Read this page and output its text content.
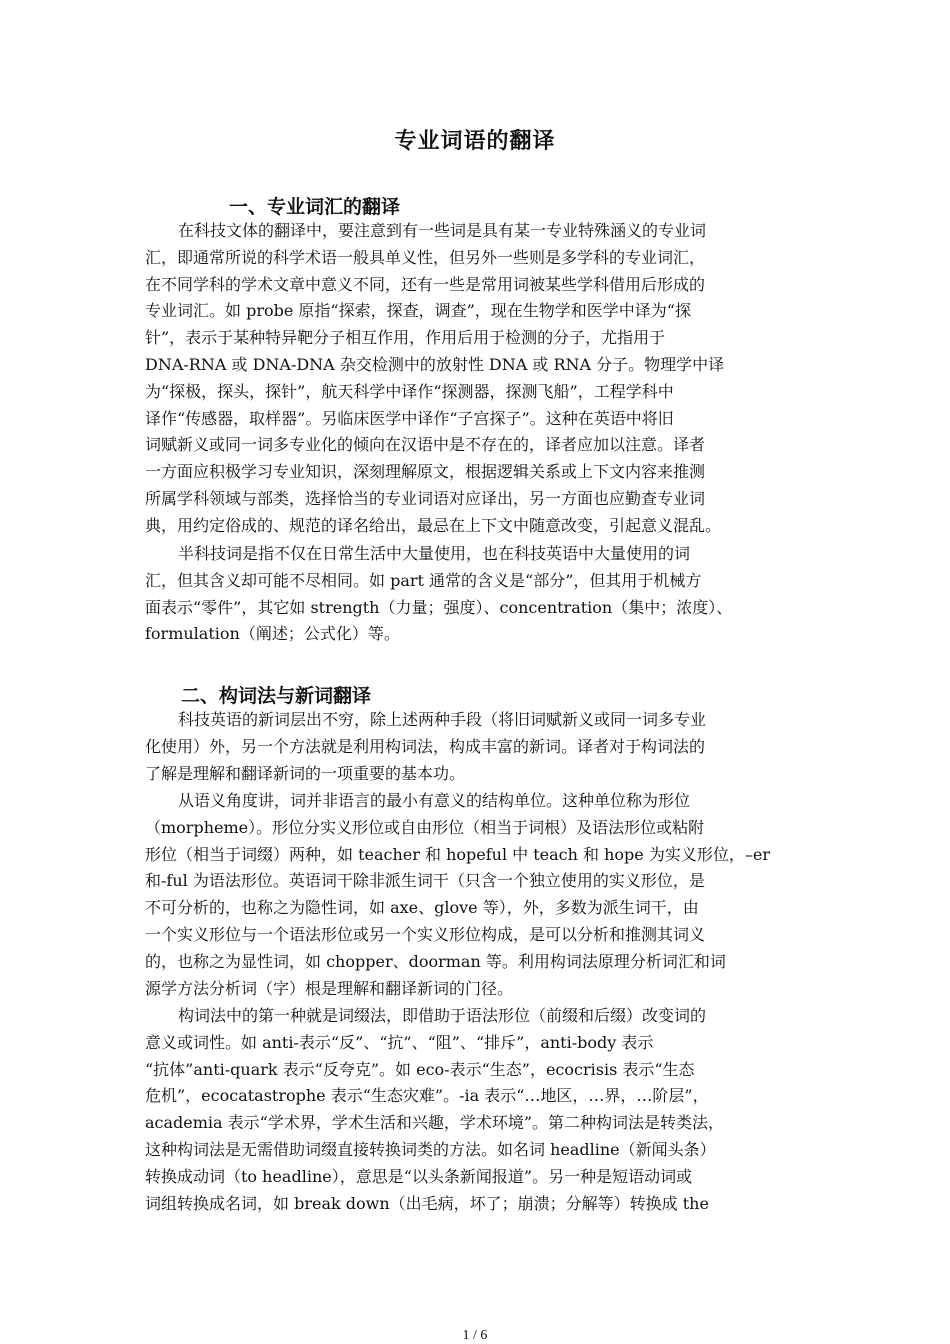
专业词语的翻译
一、专业词汇的翻译
在科技文体的翻译中，要注意到有一些词是具有某一专业特殊涵义的专业词
汇，即通常所说的科学术语一般具单义性，但另外一些则是多学科的专业词汇，
在不同学科的学术文章中意义不同，还有一些是常用词被某些学科借用后形成的
专业词汇。如 probe 原指“探索，探查，调查”，现在生物学和医学中译为“探
针”，表示于某种特异靶分子相互作用，作用后用于检测的分子，尤指用于
DNA-RNA 或 DNA-DNA 杂交检测中的放射性 DNA 或 RNA 分子。物理学中译
为“探极，探头，探针”，航天科学中译作“探测器，探测飞船”，工程学科中
译作“传感器，取样器”。另临床医学中译作“子宫探子”。这种在英语中将旧
词赋新义或同一词多专业化的倾向在汉语中是不存在的，译者应加以注意。译者
一方面应积极学习专业知识，深刻理解原文，根据逻辑关系或上下文内容来推测
所属学科领域与部类，选择恰当的专业词语对应译出，另一方面也应勤查专业词
典，用约定俗成的、规范的译名给出，最忌在上下文中随意改变，引起意义混乱。
半科技词是指不仅在日常生活中大量使用，也在科技英语中大量使用的词
汇，但其含义却可能不尽相同。如 part 通常的含义是“部分”，但其用于机械方
面表示“零件”，其它如 strength（力量；强度）、concentration（集中；浓度）、
formulation（阐述；公式化）等。
二、构词法与新词翻译
科技英语的新词层出不穷，除上述两种手段（将旧词赋新义或同一词多专业
化使用）外，另一个方法就是利用构词法，构成丰富的新词。译者对于构词法的
了解是理解和翻译新词的一项重要的基本功。
从语义角度讲，词并非语言的最小有意义的结构单位。这种单位称为形位
（morpheme）。形位分实义形位或自由形位（相当于词根）及语法形位或粘附
形位（相当于词缀）两种，如 teacher 和 hopeful 中 teach 和 hope 为实义形位，–er
和-ful 为语法形位。英语词干除非派生词干（只含一个独立使用的实义形位，是
不可分析的，也称之为隐性词，如 axe、glove 等），外，多数为派生词干，由
一个实义形位与一个语法形位或另一个实义形位构成，是可以分析和推测其词义
的，也称之为显性词，如 chopper、doorman 等。利用构词法原理分析词汇和词
源学方法分析词（字）根是理解和翻译新词的门径。
构词法中的第一种就是词缀法，即借助于语法形位（前缀和后缀）改变词的
意义或词性。如 anti-表示“反”、“抗”、“阻”、“排斥”，anti-body 表示
“抗体”anti-quark 表示“反夸克”。如 eco-表示“生态”，ecocrisis 表示“生态
危机”，ecocatastrophe 表示“生态灾难”。-ia 表示“…地区，…界，…阶层”，
academia 表示“学术界，学术生活和兴趣，学术环境”。第二种构词法是转类法，
这种构词法是无需借助词缀直接转换词类的方法。如名词 headline（新闻头条）
转换成动词（to headline），意思是“以头条新闻报道”。另一种是短语动词或
词组转换成名词，如 break down（出毛病，坏了；崩溃；分解等）转换成 the
1 / 6
